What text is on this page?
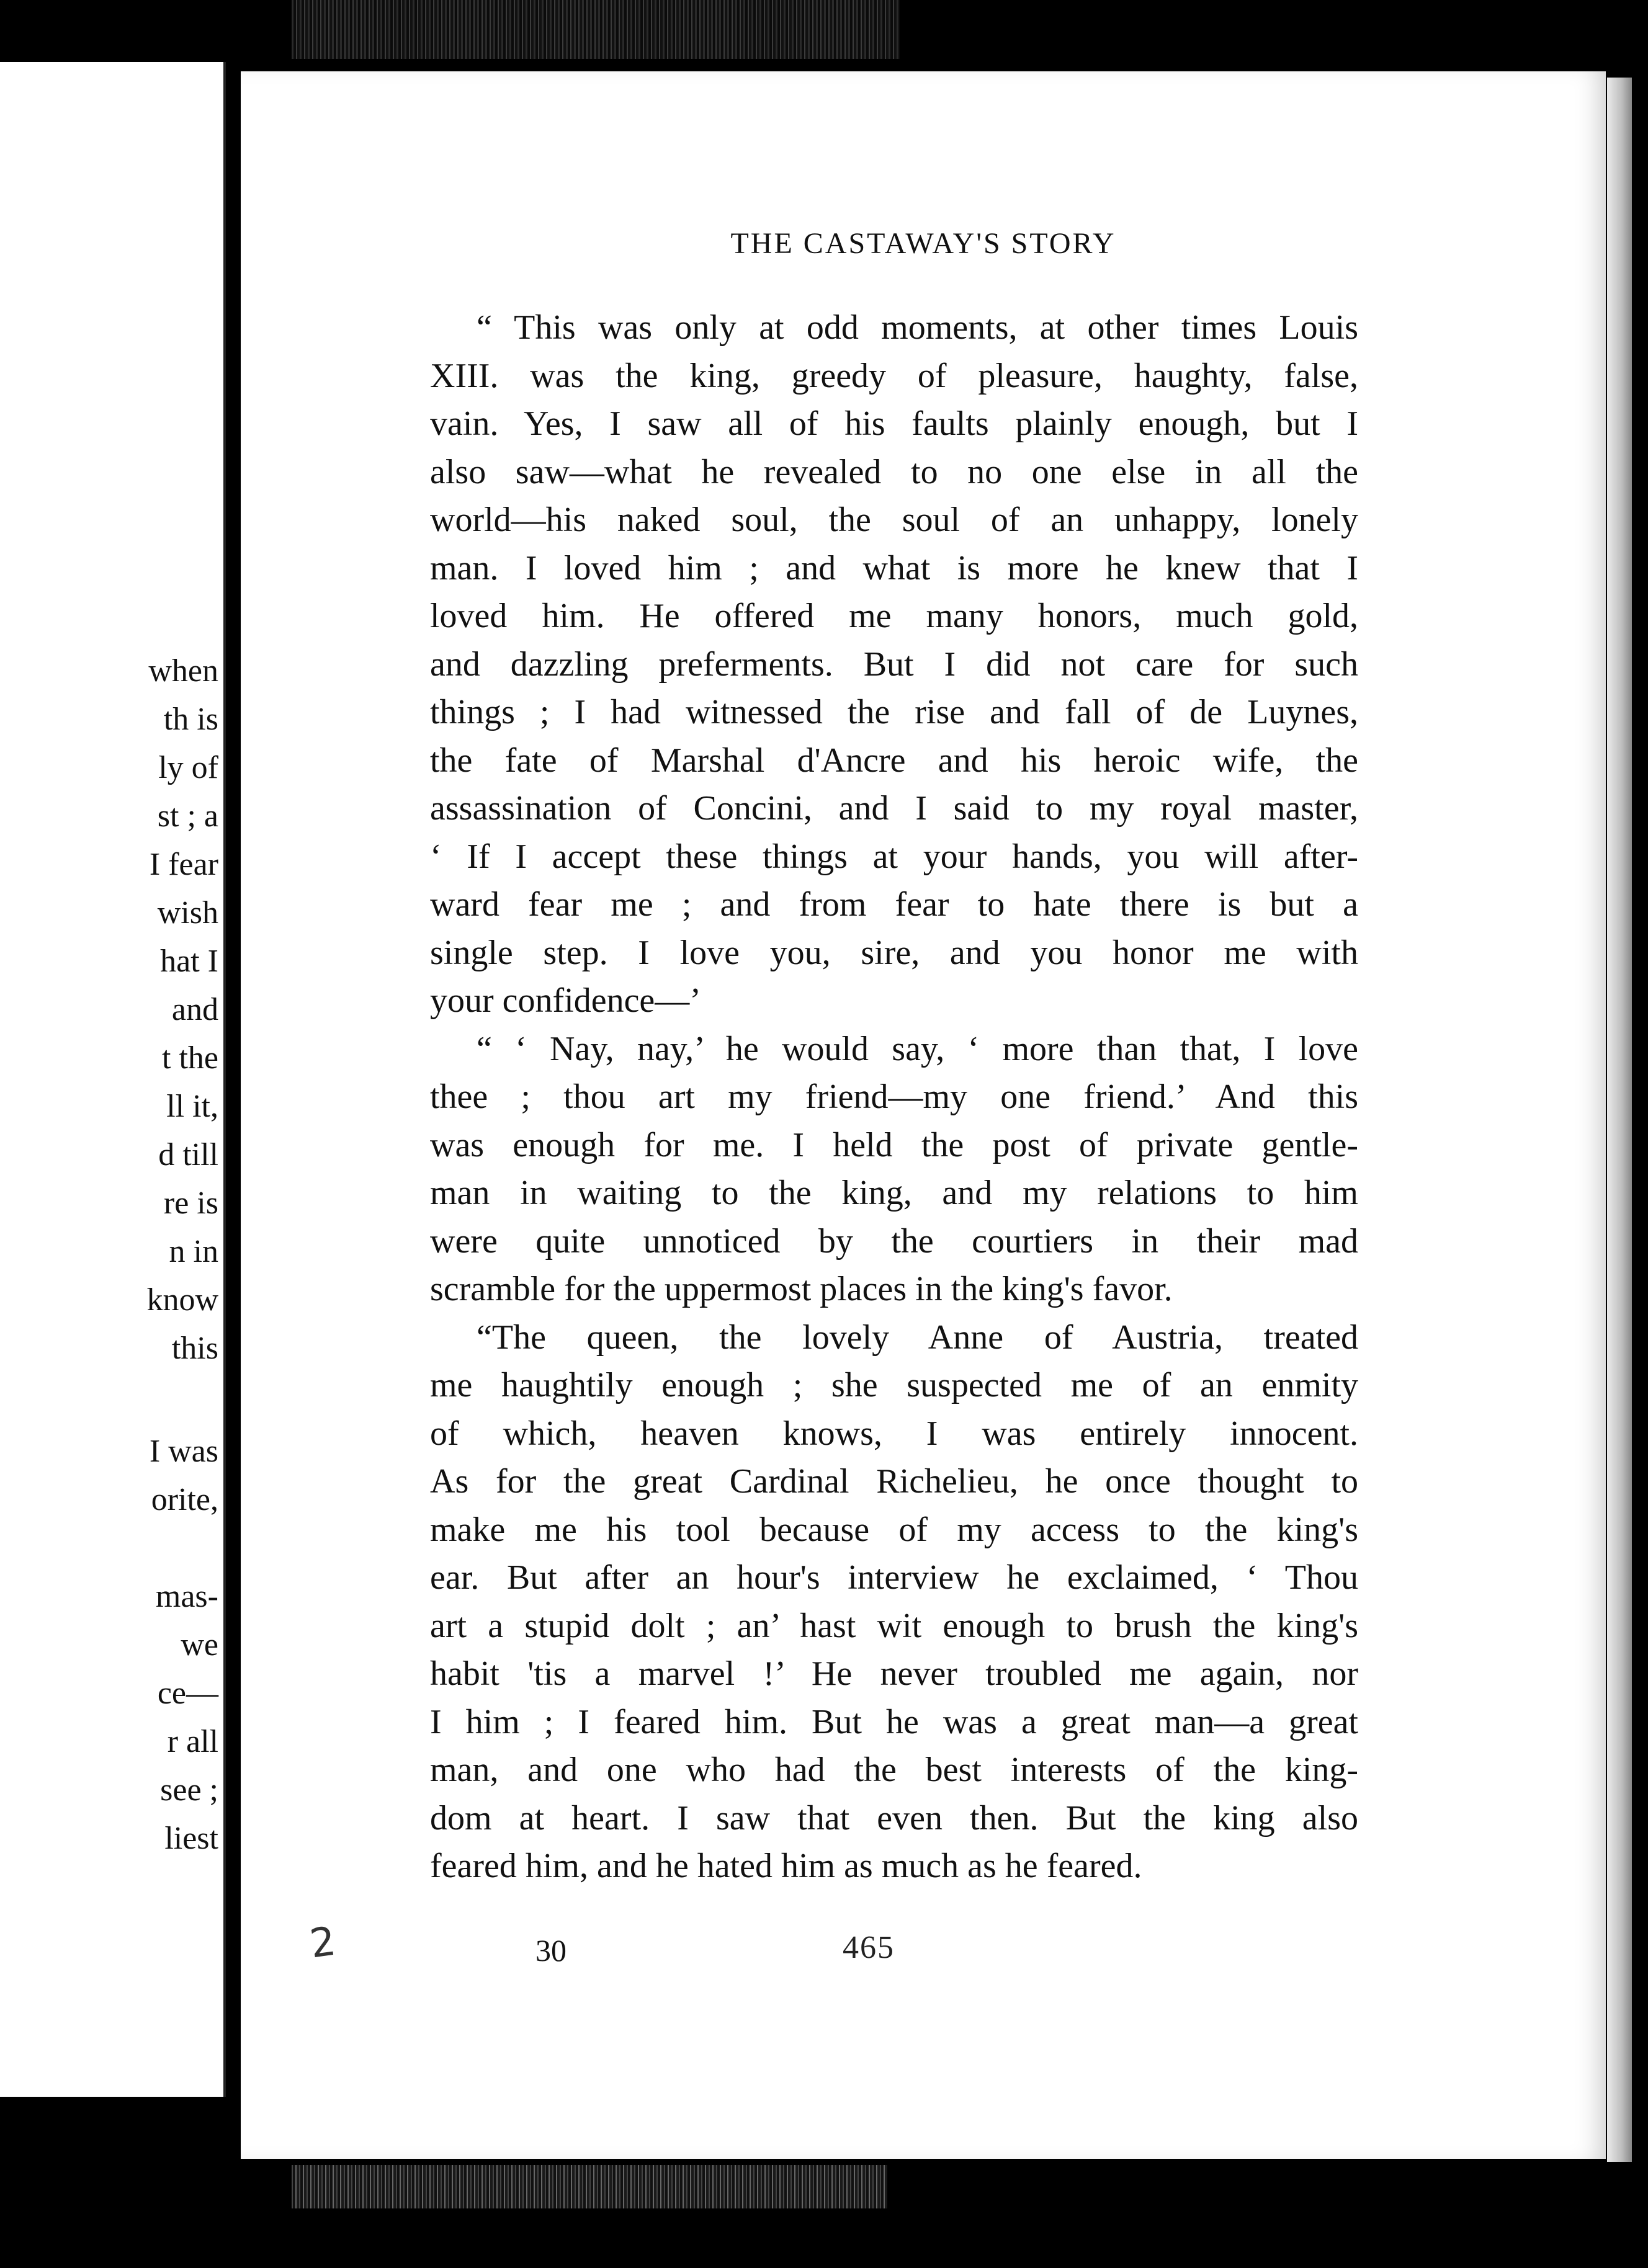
when

th is

ly of

st ; a

I fear

wish

hat I

and

t the

ll it,

d till

re is

n in

know

this

I was

orite,

mas-

we

ce—

r all

see ;

liest

THE CASTAWAY'S STORY

“ This was only at odd moments, at other times Louis
XIII. was the king, greedy of pleasure, haughty, false,
vain. Yes, I saw all of his faults plainly enough, but I
also saw—what he revealed to no one else in all the
world—his naked soul, the soul of an unhappy, lonely
man. I loved him ; and what is more he knew that I
loved him. He offered me many honors, much gold,
and dazzling preferments. But I did not care for such
things ; I had witnessed the rise and fall of de Luynes,
the fate of Marshal d'Ancre and his heroic wife, the
assassination of Concini, and I said to my royal master,
‘ If I accept these things at your hands, you will after-
ward fear me ; and from fear to hate there is but a
single step. I love you, sire, and you honor me with
your confidence—’

“ ‘ Nay, nay,’ he would say, ‘ more than that, I love
thee ; thou art my friend—my one friend.’ And this
was enough for me. I held the post of private gentle-
man in waiting to the king, and my relations to him
were quite unnoticed by the courtiers in their mad
scramble for the uppermost places in the king's favor.

“The queen, the lovely Anne of Austria, treated
me haughtily enough ; she suspected me of an enmity
of which, heaven knows, I was entirely innocent.
As for the great Cardinal Richelieu, he once thought to
make me his tool because of my access to the king's
ear. But after an hour's interview he exclaimed, ‘ Thou
art a stupid dolt ; an’ hast wit enough to brush the king's
habit 'tis a marvel !’ He never troubled me again, nor
I him ; I feared him. But he was a great man—a great
man, and one who had the best interests of the king-
dom at heart. I saw that even then. But the king also
feared him, and he hated him as much as he feared.

30	465
2
